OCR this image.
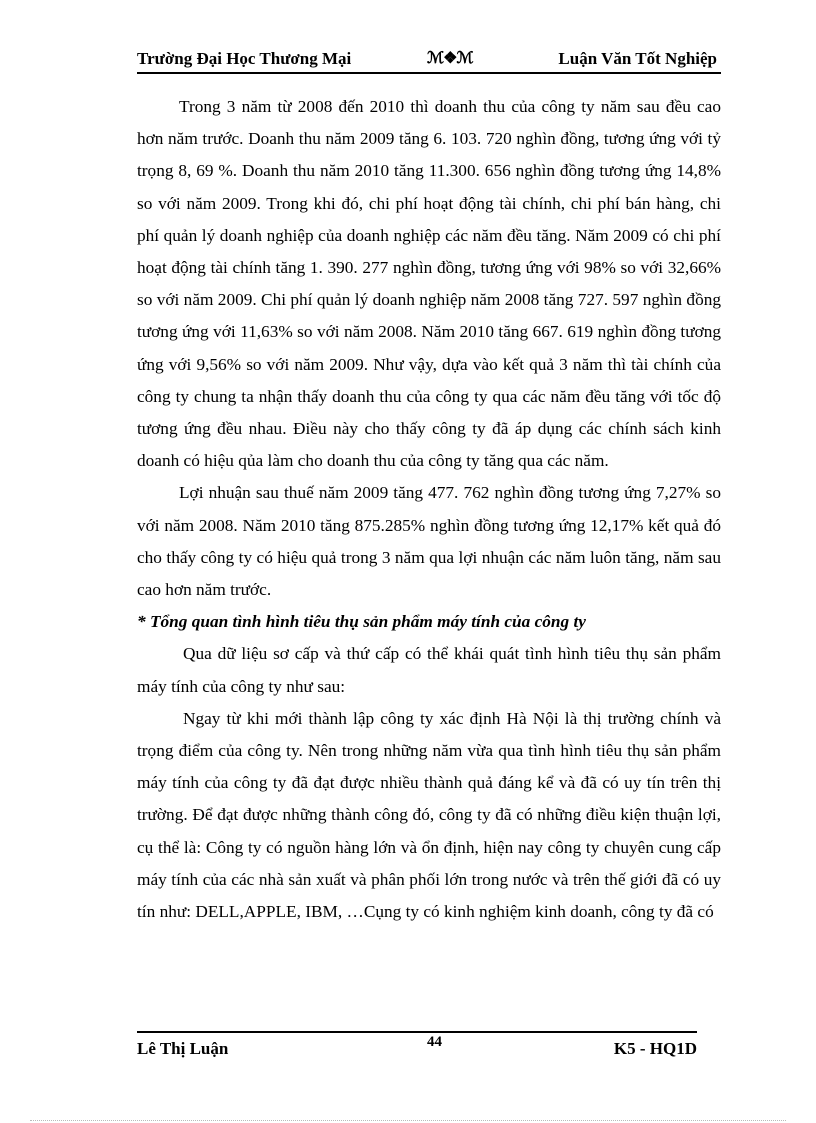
Trường Đại Học Thương Mại	ℳ❖ℳ	Luận Văn Tốt Nghiệp

Trong 3 năm từ 2008 đến 2010 thì doanh thu của công ty năm sau đều cao hơn năm trước. Doanh thu năm 2009 tăng 6. 103. 720 nghìn đồng, tương ứng với tỷ trọng 8, 69 %. Doanh thu năm 2010 tăng 11.300. 656 nghìn đồng tương ứng 14,8% so với năm 2009. Trong khi đó, chi phí hoạt động tài chính, chi phí bán hàng, chi phí quản lý doanh nghiệp của doanh nghiệp các năm đều tăng. Năm 2009 có chi phí hoạt động tài chính tăng 1. 390. 277 nghìn đồng, tương ứng với 98% so với 32,66% so với năm 2009. Chi phí quản lý doanh nghiệp năm 2008 tăng 727. 597 nghìn đồng tương ứng với 11,63% so với năm 2008. Năm 2010 tăng 667. 619 nghìn đồng tương ứng với 9,56% so với năm 2009. Như vậy, dựa vào kết quả 3 năm thì tài chính của công ty chung ta nhận thấy doanh thu của công ty qua các năm đều tăng với tốc độ tương ứng đều nhau. Điều này cho thấy công ty đã áp dụng các chính sách kinh doanh có hiệu qủa làm cho doanh thu của công ty tăng qua các năm.

Lợi nhuận sau thuế năm 2009 tăng 477. 762 nghìn đồng tương ứng 7,27% so với năm 2008. Năm 2010 tăng 875.285% nghìn đồng tương ứng 12,17% kết quả đó cho thấy công ty có hiệu quả trong 3 năm qua lợi nhuận các năm luôn tăng, năm sau cao hơn năm trước.

* Tổng quan tình hình tiêu thụ sản phẩm máy tính của công ty

Qua dữ liệu sơ cấp và thứ cấp có thể khái quát tình hình tiêu thụ sản phẩm máy tính của công ty như sau:

Ngay từ khi mới thành lập công ty xác định Hà Nội là thị trường chính và trọng điểm của công ty. Nên trong những năm vừa qua tình hình tiêu thụ sản phẩm máy tính của công ty đã đạt được nhiều thành quả đáng kể và đã có uy tín trên thị trường. Để đạt được những thành công đó, công ty đã có những điều kiện thuận lợi, cụ thể là: Công ty có nguồn hàng lớn và ổn định, hiện nay công ty chuyên cung cấp máy tính của các nhà sản xuất và phân phối lớn trong nước và trên thế giới đã có uy tín như: DELL,APPLE, IBM, …Cụng ty có kinh nghiệm kinh doanh, công ty đã có

Lê Thị Luận	44	K5 - HQ1D
